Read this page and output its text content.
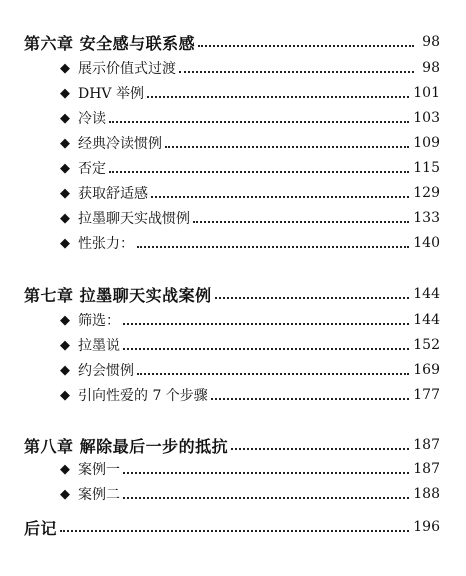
第六章 安全感与联系感	98
◆ 展示价值式过渡	98
◆ DHV 举例	101
◆ 冷读	103
◆ 经典冷读惯例	109
◆ 否定	115
◆ 获取舒适感	129
◆ 拉墨聊天实战惯例	133
◆ 性张力：	140
第七章 拉墨聊天实战案例	144
◆ 筛选：	144
◆ 拉墨说	152
◆ 约会惯例	169
◆ 引向性爱的 7 个步骤	177
第八章 解除最后一步的抵抗	187
◆ 案例一	187
◆ 案例二	188
后记	196
